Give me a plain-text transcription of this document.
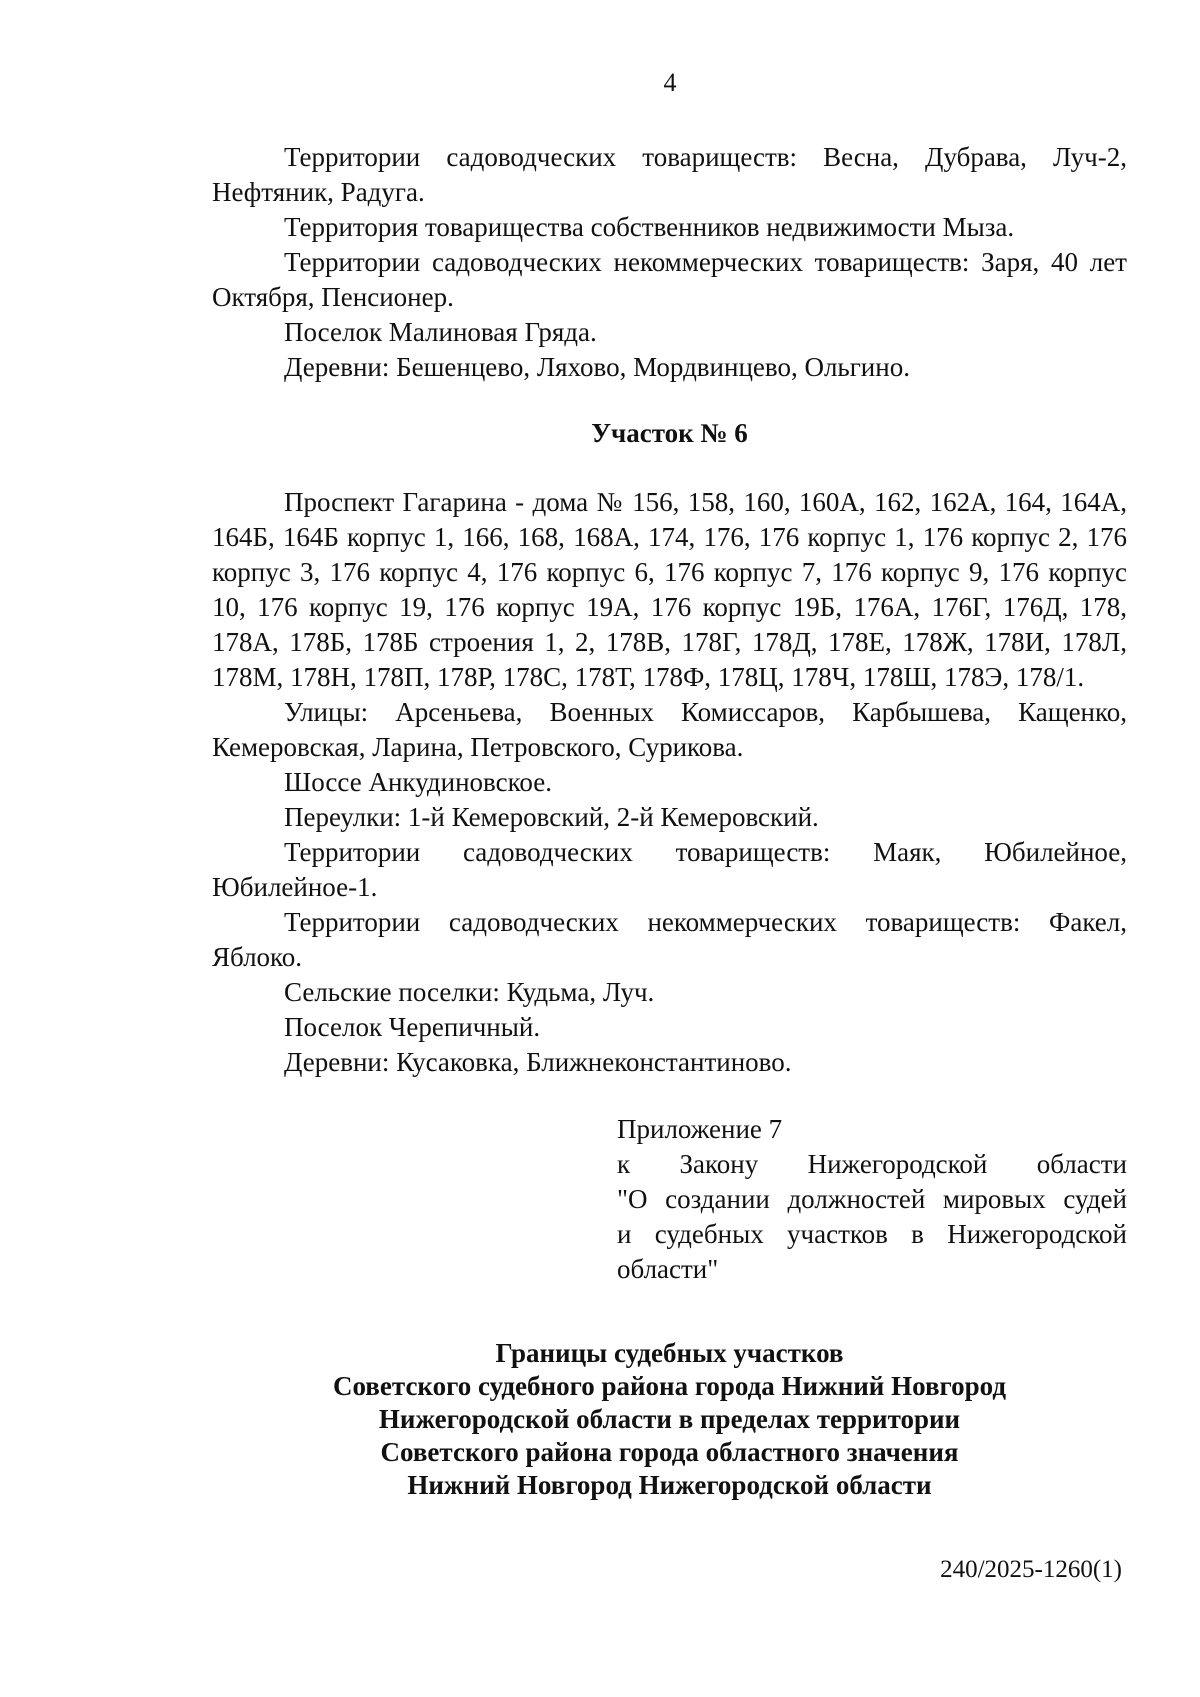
4

Территории садоводческих товариществ: Весна, Дубрава, Луч-2, Нефтяник, Радуга.

Территория товарищества собственников недвижимости Мыза.

Территории садоводческих некоммерческих товариществ: Заря, 40 лет Октября, Пенсионер.

Поселок Малиновая Гряда.

Деревни: Бешенцево, Ляхово, Мордвинцево, Ольгино.

Участок № 6

Проспект Гагарина - дома № 156, 158, 160, 160А, 162, 162А, 164, 164А, 164Б, 164Б корпус 1, 166, 168, 168А, 174, 176, 176 корпус 1, 176 корпус 2, 176 корпус 3, 176 корпус 4, 176 корпус 6, 176 корпус 7, 176 корпус 9, 176 корпус 10, 176 корпус 19, 176 корпус 19А, 176 корпус 19Б, 176А, 176Г, 176Д, 178, 178А, 178Б, 178Б строения 1, 2, 178В, 178Г, 178Д, 178Е, 178Ж, 178И, 178Л, 178М, 178Н, 178П, 178Р, 178С, 178Т, 178Ф, 178Ц, 178Ч, 178Ш, 178Э, 178/1.

Улицы: Арсеньева, Военных Комиссаров, Карбышева, Кащенко, Кемеровская, Ларина, Петровского, Сурикова.

Шоссе Анкудиновское.

Переулки: 1-й Кемеровский, 2-й Кемеровский.

Территории садоводческих товариществ: Маяк, Юбилейное, Юбилейное-1.

Территории садоводческих некоммерческих товариществ: Факел, Яблоко.

Сельские поселки: Кудьма, Луч.

Поселок Черепичный.

Деревни: Кусаковка, Ближнеконстантиново.

Приложение 7

к Закону Нижегородской области

"О создании должностей мировых судей

и судебных участков в Нижегородской

области"

Границы судебных участков
Советского судебного района города Нижний Новгород
Нижегородской области в пределах территории
Советского района города областного значения
Нижний Новгород Нижегородской области
240/2025-1260(1)
